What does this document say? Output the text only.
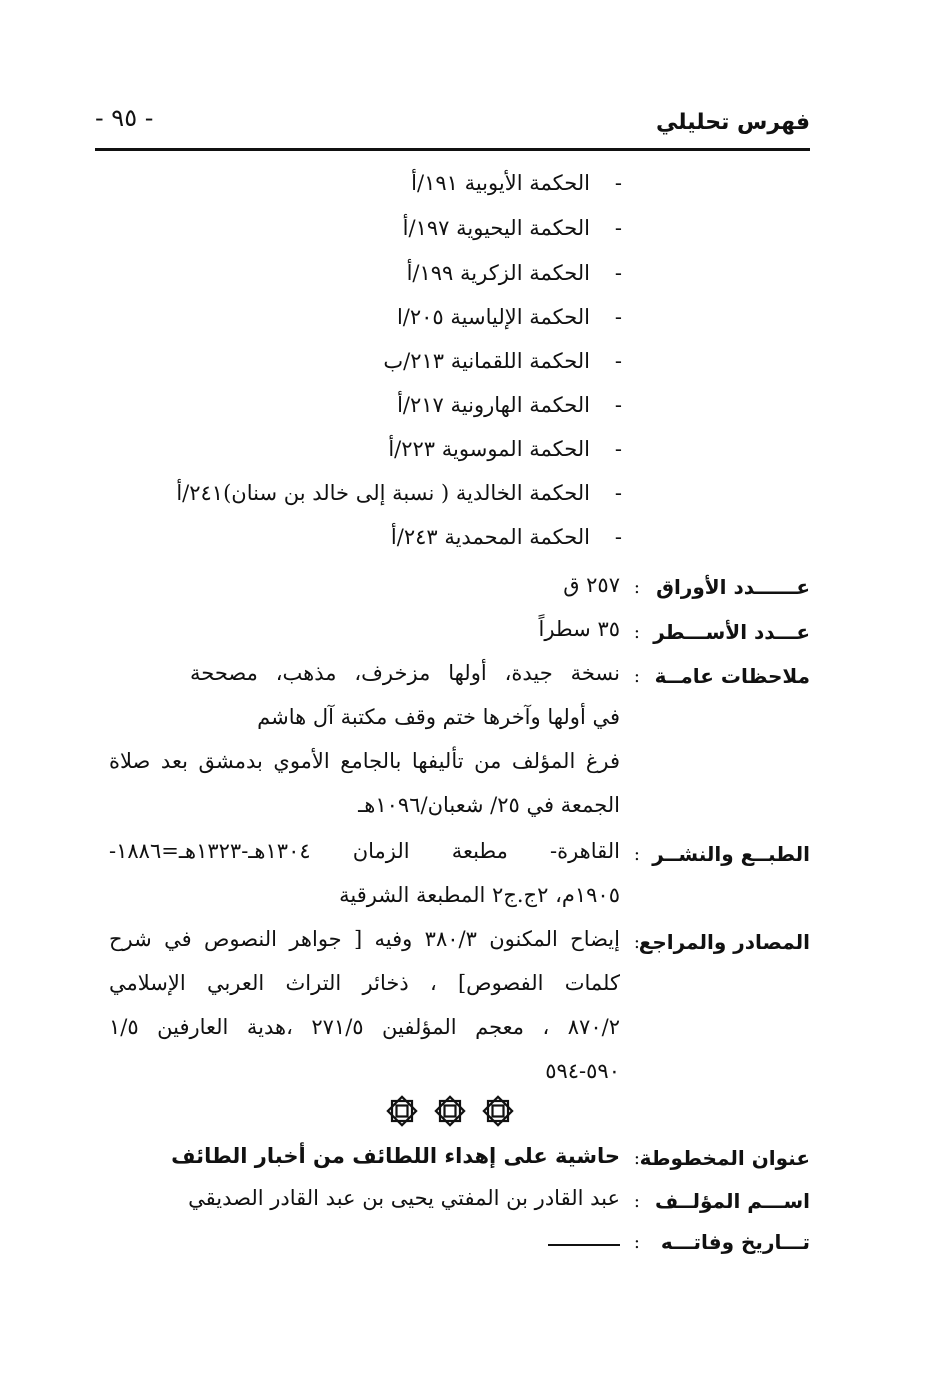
- ٩٥ -	فهرس تحليلي
-الحكمة الأيوبية ١٩١/أ
-الحكمة اليحيوية ١٩٧/أ
-الحكمة الزكرية ١٩٩/أ
-الحكمة الإلياسية ٢٠٥/ا
-الحكمة اللقمانية ٢١٣/ب
-الحكمة الهارونية ٢١٧/أ
-الحكمة الموسوية ٢٢٣/أ
-الحكمة الخالدية ( نسبة إلى خالد بن سنان)٢٤١/أ
-الحكمة المحمدية ٢٤٣/أ
عــــــدد الأوراق
:
٢٥٧ ق
عـــدد الأســـطر
:
٣٥ سطراً
ملاحظات عامــة
:
نسخة جيدة، أولها مزخرف، مذهب، مصححة
في أولها وآخرها ختم وقف مكتبة آل هاشم
فرغ المؤلف من تأليفها بالجامع الأموي بدمشق بعد صلاة
الجمعة في ٢٥/ شعبان/١٠٩٦هـ
الطبــع والنشــر
:
القاهرة- مطبعة الزمان ١٣٠٤هـ-١٣٢٣هـ=١٨٨٦-
١٩٠٥م، ٢ج.ج٢ المطبعة الشرقية
المصادر والمراجع
:
إيضاح المكنون ٣٨٠/٣ وفيه [ جواهر النصوص في شرح
كلمات الفصوص] ، ذخائر التراث العربي الإسلامي
٨٧٠/٢ ، معجم المؤلفين ٢٧١/٥ ،هدية العارفين ١/٥
٥٩٠-٥٩٤
عنوان المخطوطة
:
حاشية على إهداء اللطائف من أخبار الطائف
اســـم المؤلــف
:
عبد القادر بن المفتي يحيى بن عبد القادر الصديقي
تـــاريخ وفاتـــه
:
